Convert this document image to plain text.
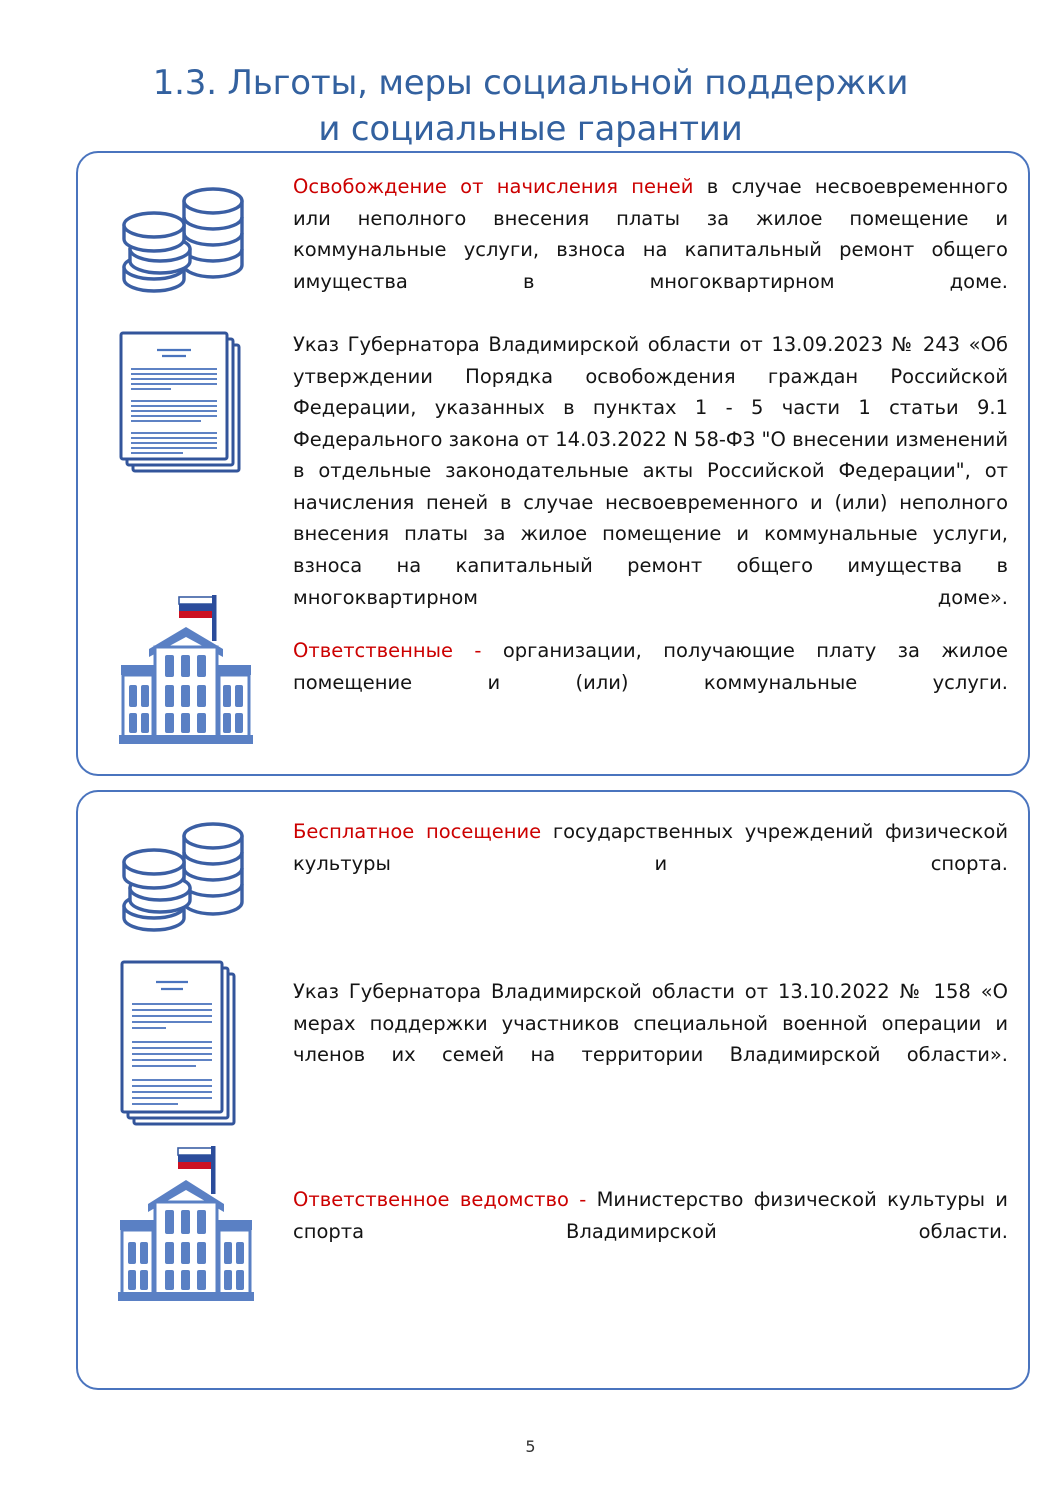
1.3. Льготы, меры социальной поддержки
и социальные гарантии

Освобождение от начисления пеней в случае несвоевременного или неполного внесения платы за жилое помещение и коммунальные услуги, взноса на капитальный ремонт общего имущества в многоквартирном доме.

Указ Губернатора Владимирской области от 13.09.2023 № 243 «Об утверждении Порядка освобождения граждан Российской Федерации, указанных в пунктах 1 - 5 части 1 статьи 9.1 Федерального закона от 14.03.2022 N 58-ФЗ "О внесении изменений в отдельные законодательные акты Российской Федерации", от начисления пеней в случае несвоевременного и (или) неполного внесения платы за жилое помещение и коммунальные услуги, взноса на капитальный ремонт общего имущества в многоквартирном доме».

Ответственные - организации, получающие плату за жилое помещение и (или) коммунальные услуги.

Бесплатное посещение государственных учреждений физической культуры и спорта.

Указ Губернатора Владимирской области от 13.10.2022 № 158 «О мерах поддержки участников специальной военной операции и членов их семей на территории Владимирской области».

Ответственное ведомство - Министерство физической культуры и спорта Владимирской области.

5
